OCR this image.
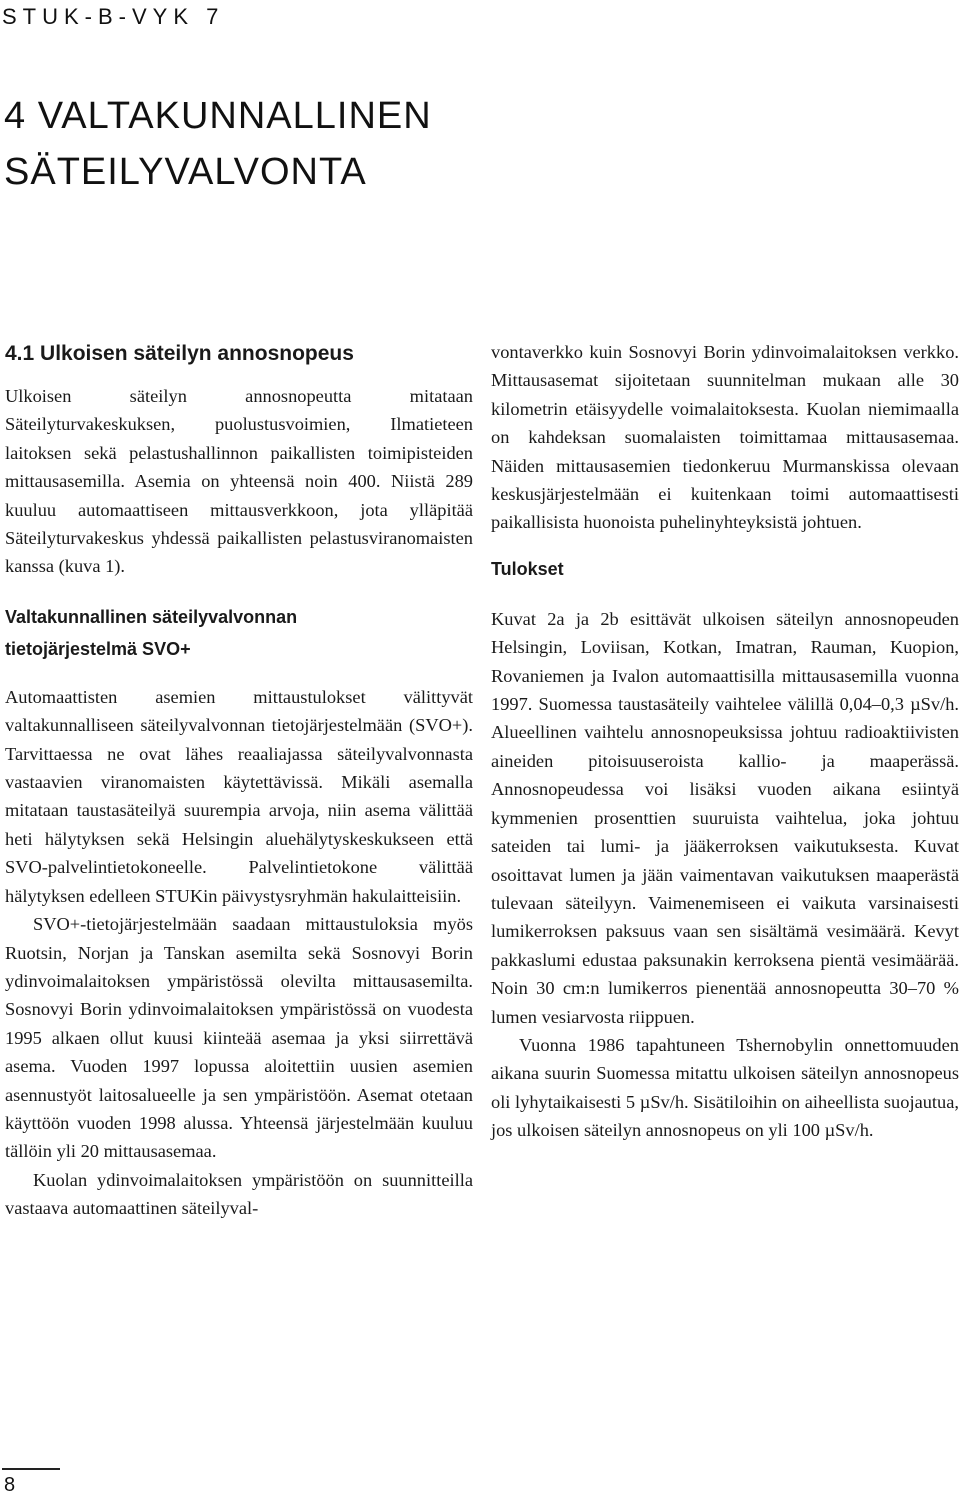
STUK-B-VYK 7
4 VALTAKUNNALLINEN
SÄTEILYVALVONTA
4.1 Ulkoisen säteilyn annosnopeus

Ulkoisen säteilyn annosnopeutta mitataan Säteilyturvakeskuksen, puolustusvoimien, Ilmatieteen laitoksen sekä pelastushallinnon paikallisten toimipisteiden mittausasemilla. Asemia on yhteensä noin 400. Niistä 289 kuuluu automaattiseen mittausverkkoon, jota ylläpitää Säteilyturvakeskus yhdessä paikallisten pelastusviranomaisten kanssa (kuva 1).

Valtakunnallinen säteilyvalvonnan
tietojärjestelmä SVO+

Automaattisten asemien mittaustulokset välittyvät valtakunnalliseen säteilyvalvonnan tietojärjestelmään (SVO+). Tarvittaessa ne ovat lähes reaaliajassa säteilyvalvonnasta vastaavien viranomaisten käytettävissä. Mikäli asemalla mitataan taustasäteilyä suurempia arvoja, niin asema välittää heti hälytyksen sekä Helsingin aluehälytyskeskukseen että SVO-palvelintietokoneelle. Palvelintietokone välittää hälytyksen edelleen STUKin päivystysryhmän hakulaitteisiin.

SVO+-tietojärjestelmään saadaan mittaustuloksia myös Ruotsin, Norjan ja Tanskan asemilta sekä Sosnovyi Borin ydinvoimalaitoksen ympäristössä olevilta mittausasemilta. Sosnovyi Borin ydinvoimalaitoksen ympäristössä on vuodesta 1995 alkaen ollut kuusi kiinteää asemaa ja yksi siirrettävä asema. Vuoden 1997 lopussa aloitettiin uusien asemien asennustyöt laitosalueelle ja sen ympäristöön. Asemat otetaan käyttöön vuoden 1998 alussa. Yhteensä järjestelmään kuuluu tällöin yli 20 mittausasemaa.

Kuolan ydinvoimalaitoksen ympäristöön on suunnitteilla vastaava automaattinen säteilyval-

vontaverkko kuin Sosnovyi Borin ydinvoimalaitoksen verkko. Mittausasemat sijoitetaan suunnitelman mukaan alle 30 kilometrin etäisyydelle voimalaitoksesta. Kuolan niemimaalla on kahdeksan suomalaisten toimittamaa mittausasemaa. Näiden mittausasemien tiedonkeruu Murmanskissa olevaan keskusjärjestelmään ei kuitenkaan toimi automaattisesti paikallisista huonoista puhelinyhteyksistä johtuen.

Tulokset

Kuvat 2a ja 2b esittävät ulkoisen säteilyn annosnopeuden Helsingin, Loviisan, Kotkan, Imatran, Rauman, Kuopion, Rovaniemen ja Ivalon automaattisilla mittausasemilla vuonna 1997. Suomessa taustasäteily vaihtelee välillä 0,04–0,3 µSv/h. Alueellinen vaihtelu annosnopeuksissa johtuu radioaktiivisten aineiden pitoisuuseroista kallio- ja maaperässä. Annosnopeudessa voi lisäksi vuoden aikana esiintyä kymmenien prosenttien suuruista vaihtelua, joka johtuu sateiden tai lumi- ja jääkerroksen vaikutuksesta. Kuvat osoittavat lumen ja jään vaimentavan vaikutuksen maaperästä tulevaan säteilyyn. Vaimenemiseen ei vaikuta varsinaisesti lumikerroksen paksuus vaan sen sisältämä vesimäärä. Kevyt pakkaslumi edustaa paksunakin kerroksena pientä vesimäärää. Noin 30 cm:n lumikerros pienentää annosnopeutta 30–70 % lumen vesiarvosta riippuen.

Vuonna 1986 tapahtuneen Tshernobylin onnettomuuden aikana suurin Suomessa mitattu ulkoisen säteilyn annosnopeus oli lyhytaikaisesti 5 µSv/h. Sisätiloihin on aiheellista suojautua, jos ulkoisen säteilyn annosnopeus on yli 100 µSv/h.

8
